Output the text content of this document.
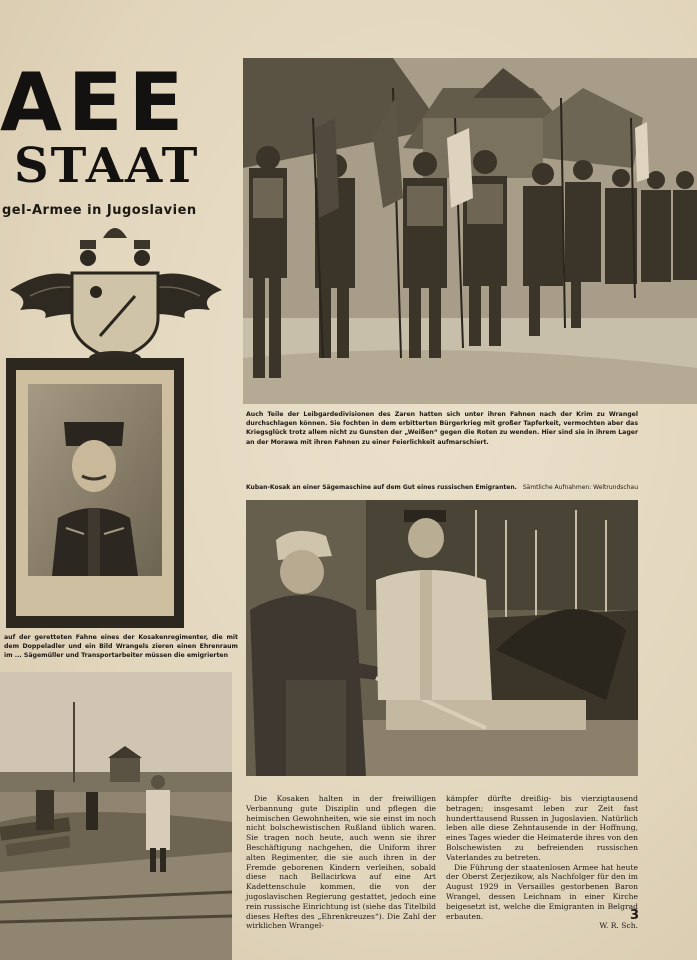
AEE
STAAT
gel-Armee in Jugoslavien
auf der geretteten Fahne eines der Kosakenregimenter, die mit dem Doppeladler und ein Bild Wrangels zieren einen Ehrenraum im ... Sägemüller und Transportarbeiter müssen die emigrierten
Auch Teile der Leibgardedivisionen des Zaren hatten sich unter ihren Fahnen nach der Krim zu Wrangel durchschlagen können. Sie fochten in dem erbitterten Bürgerkrieg mit großer Tapferkeit, vermochten aber das Kriegsglück trotz allem nicht zu Gunsten der „Weißen“ gegen die Roten zu wenden. Hier sind sie in ihrem Lager an der Morawa mit ihren Fahnen zu einer Feierlichkeit aufmarschiert.
Kuban-Kosak an einer Sägemaschine auf dem Gut eines russischen Emigranten. Sämtliche Aufnahmen: Weltrundschau

Die Kosaken halten in der freiwilligen Verbannung gute Disziplin und pflegen die heimischen Gewohnheiten, wie sie einst im noch nicht bolschewistischen Rußland üblich waren. Sie tragen noch heute, auch wenn sie ihrer Beschäftigung nachgehen, die Uniform ihrer alten Regimenter, die sie auch ihren in der Fremde geborenen Kindern verleihen, sobald diese nach Bellacirkwa auf eine Art Kadettenschule kommen, die von der jugoslavischen Regierung gestattet, jedoch eine rein russische Einrichtung ist (siehe das Titelbild dieses Heftes des „Ehrenkreuzes“). Die Zahl der wirklichen Wrangel-

kämpfer dürfte dreißig- bis vierzigtausend betragen; insgesamt leben zur Zeit fast hunderttausend Russen in Jugoslavien. Natürlich leben alle diese Zehntausende in der Hoffnung, eines Tages wieder die Heimaterde ihres von den Bolschewisten zu befreienden russischen Vaterlandes zu betreten.

Die Führung der staatenlosen Armee hat heute der Oberst Zerjezikow, als Nachfolger für den im August 1929 in Versailles gestorbenen Baron Wrangel, dessen Leichnam in einer Kirche beigesetzt ist, welche die Emigranten in Belgrad erbauten.

W. R. Sch.

3
